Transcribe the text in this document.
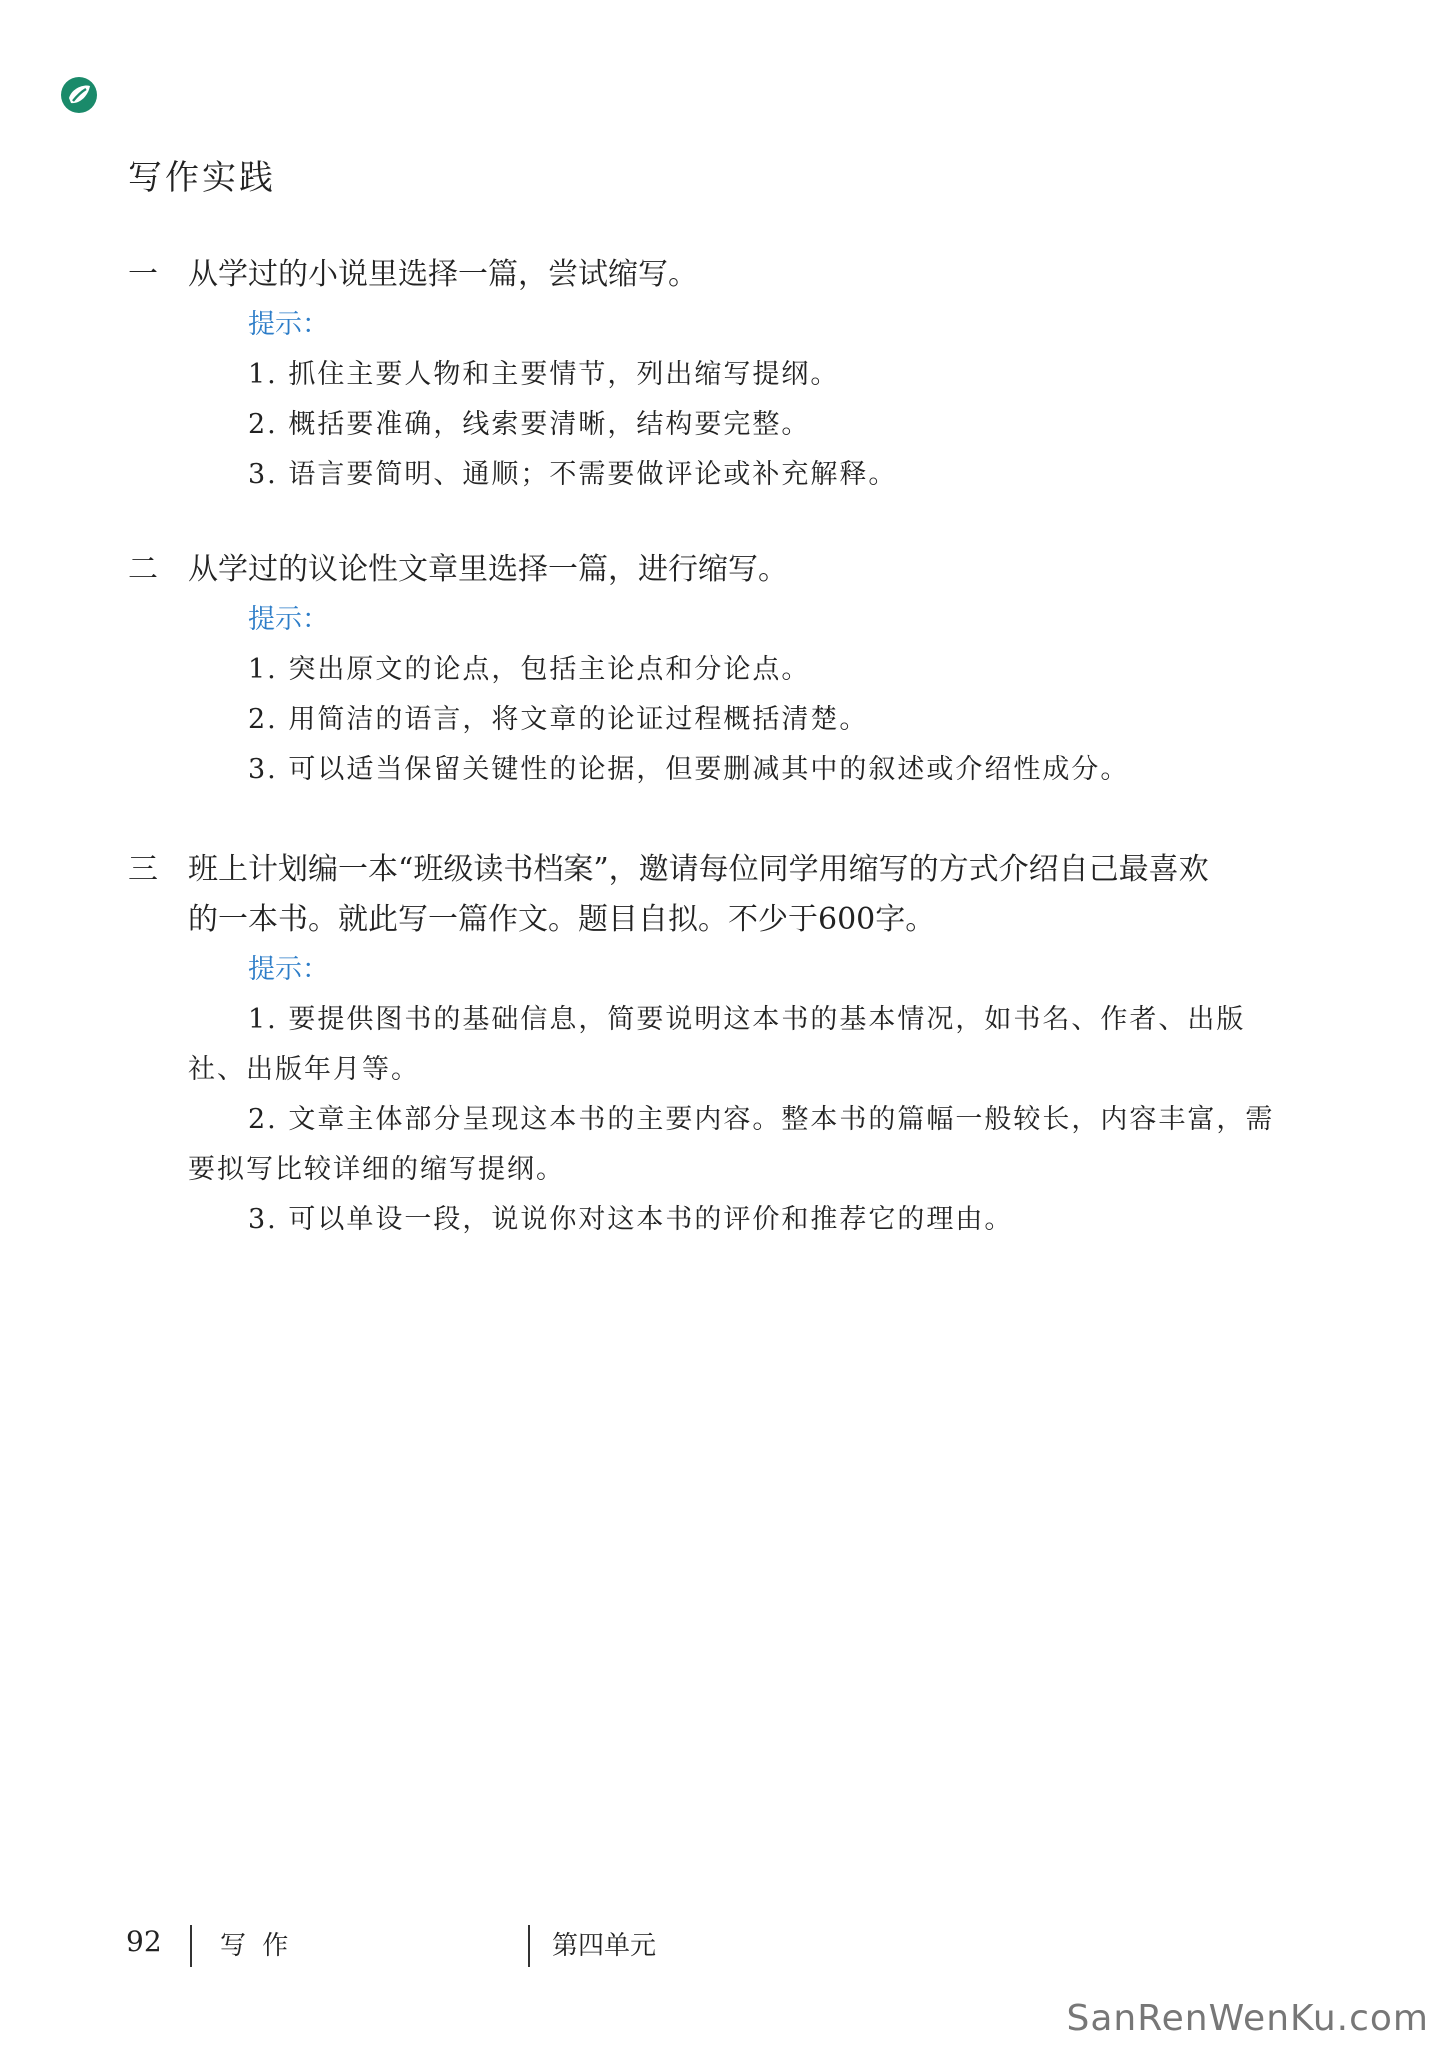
写作实践
一 从学过的小说里选择一篇，尝试缩写。
提示：
1. 抓住主要人物和主要情节，列出缩写提纲。
2. 概括要准确，线索要清晰，结构要完整。
3. 语言要简明、通顺；不需要做评论或补充解释。
二 从学过的议论性文章里选择一篇，进行缩写。
提示：
1. 突出原文的论点，包括主论点和分论点。
2. 用简洁的语言，将文章的论证过程概括清楚。
3. 可以适当保留关键性的论据，但要删减其中的叙述或介绍性成分。
三 班上计划编一本“班级读书档案”，邀请每位同学用缩写的方式介绍自己最喜欢
的一本书。就此写一篇作文。题目自拟。不少于600字。
提示：
1. 要提供图书的基础信息，简要说明这本书的基本情况，如书名、作者、出版社、出版年月等。
2. 文章主体部分呈现这本书的主要内容。整本书的篇幅一般较长，内容丰富，需要拟写比较详细的缩写提纲。
3. 可以单设一段，说说你对这本书的评价和推荐它的理由。
92 写 作	第四单元
SanRenWenKu.com
